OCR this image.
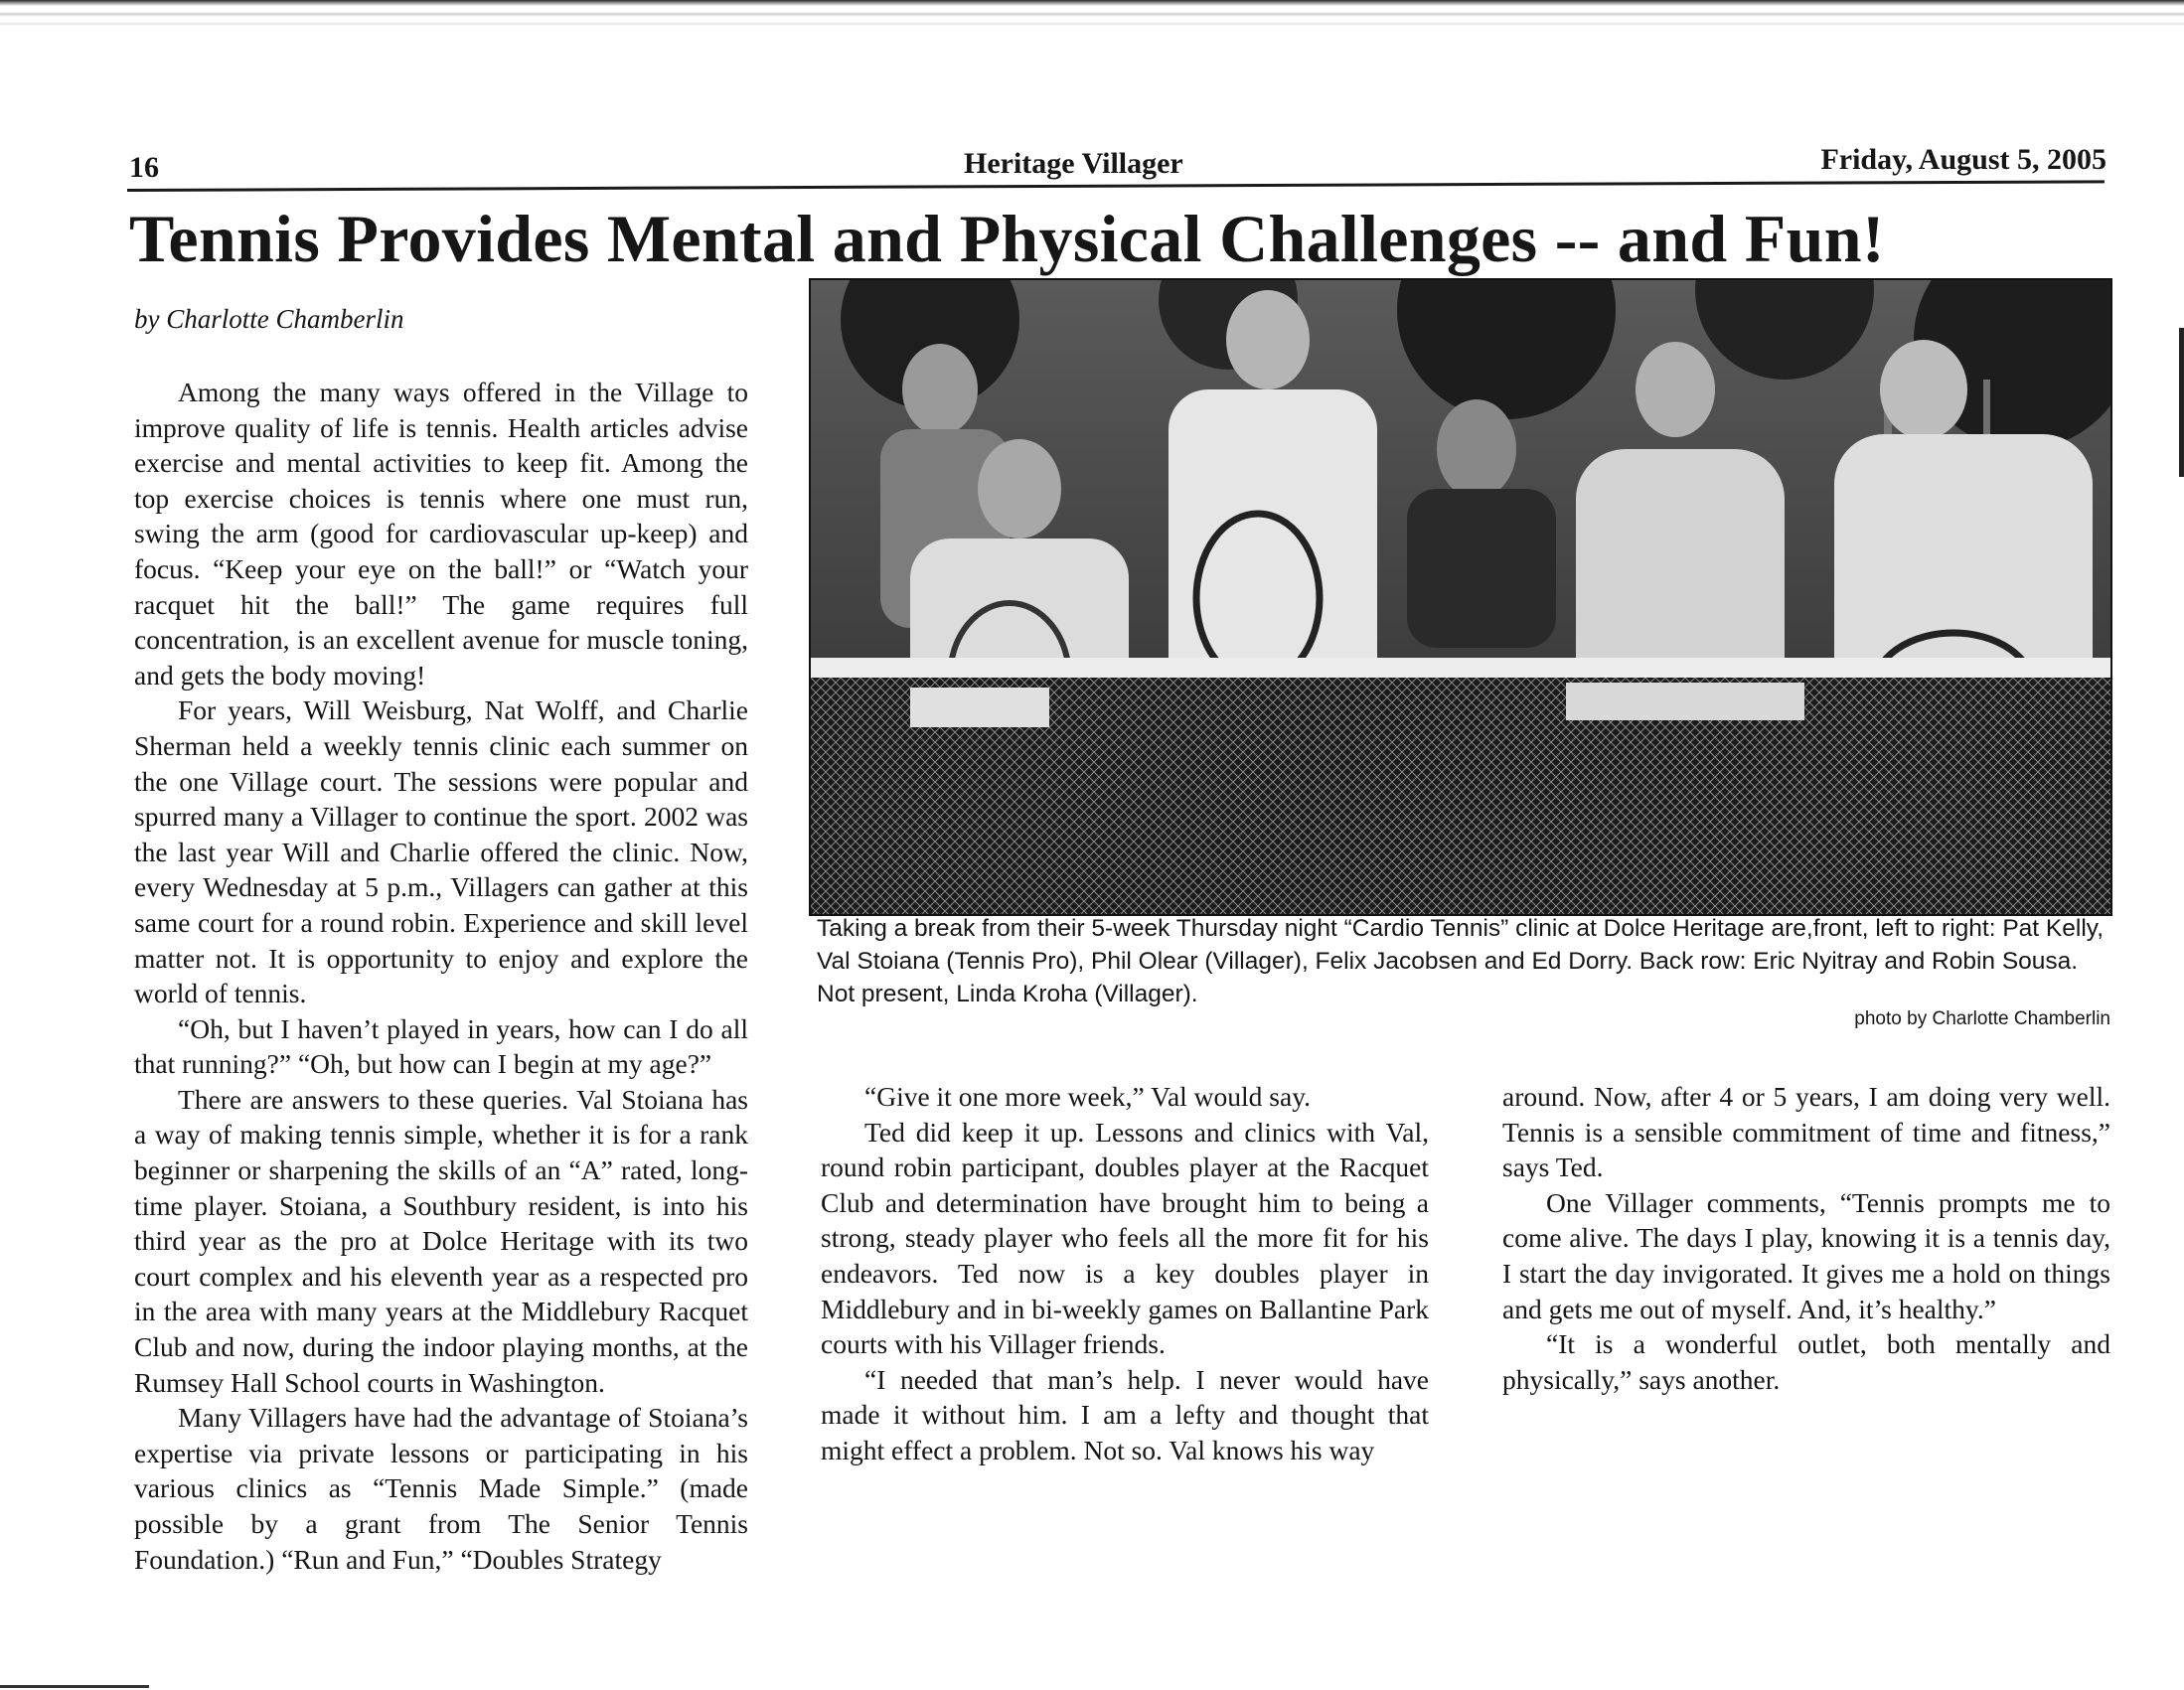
16	Heritage Villager	Friday, August 5, 2005
Tennis Provides Mental and Physical Challenges -- and Fun!
by Charlotte Chamberlin

Among the many ways offered in the Village to improve quality of life is tennis. Health articles advise exercise and mental activities to keep fit. Among the top exercise choices is tennis where one must run, swing the arm (good for cardiovascular up-keep) and focus. “Keep your eye on the ball!” or “Watch your racquet hit the ball!” The game requires full concentration, is an excellent avenue for muscle toning, and gets the body moving!

For years, Will Weisburg, Nat Wolff, and Charlie Sherman held a weekly tennis clinic each summer on the one Village court. The sessions were popular and spurred many a Villager to continue the sport. 2002 was the last year Will and Charlie offered the clinic. Now, every Wednesday at 5 p.m., Villagers can gather at this same court for a round robin. Experience and skill level matter not. It is opportunity to enjoy and explore the world of tennis.

“Oh, but I haven’t played in years, how can I do all that running?” “Oh, but how can I begin at my age?”

There are answers to these queries. Val Stoiana has a way of making tennis simple, whether it is for a rank beginner or sharpening the skills of an “A” rated, long-time player. Stoiana, a Southbury resident, is into his third year as the pro at Dolce Heritage with its two court complex and his eleventh year as a respected pro in the area with many years at the Middlebury Racquet Club and now, during the indoor playing months, at the Rumsey Hall School courts in Washington.

Many Villagers have had the advantage of Stoiana’s expertise via private lessons or participating in his various clinics as “Tennis Made Simple.” (made possible by a grant from The Senior Tennis Foundation.) “Run and Fun,” “Doubles Strategy

Taking a break from their 5-week Thursday night “Cardio Tennis” clinic at Dolce Heritage are,front, left to right: Pat Kelly, Val Stoiana (Tennis Pro), Phil Olear (Villager), Felix Jacobsen and Ed Dorry. Back row: Eric Nyitray and Robin Sousa. Not present, Linda Kroha (Villager).
photo by Charlotte Chamberlin

“Give it one more week,” Val would say.

Ted did keep it up. Lessons and clinics with Val, round robin participant, doubles player at the Racquet Club and determination have brought him to being a strong, steady player who feels all the more fit for his endeavors. Ted now is a key doubles player in Middlebury and in bi-weekly games on Ballantine Park courts with his Villager friends.

“I needed that man’s help. I never would have made it without him. I am a lefty and thought that might effect a problem. Not so. Val knows his way

around. Now, after 4 or 5 years, I am doing very well. Tennis is a sensible commitment of time and fitness,” says Ted.

One Villager comments, “Tennis prompts me to come alive. The days I play, knowing it is a tennis day, I start the day invigorated. It gives me a hold on things and gets me out of myself. And, it’s healthy.”

“It is a wonderful outlet, both mentally and physically,” says another.
